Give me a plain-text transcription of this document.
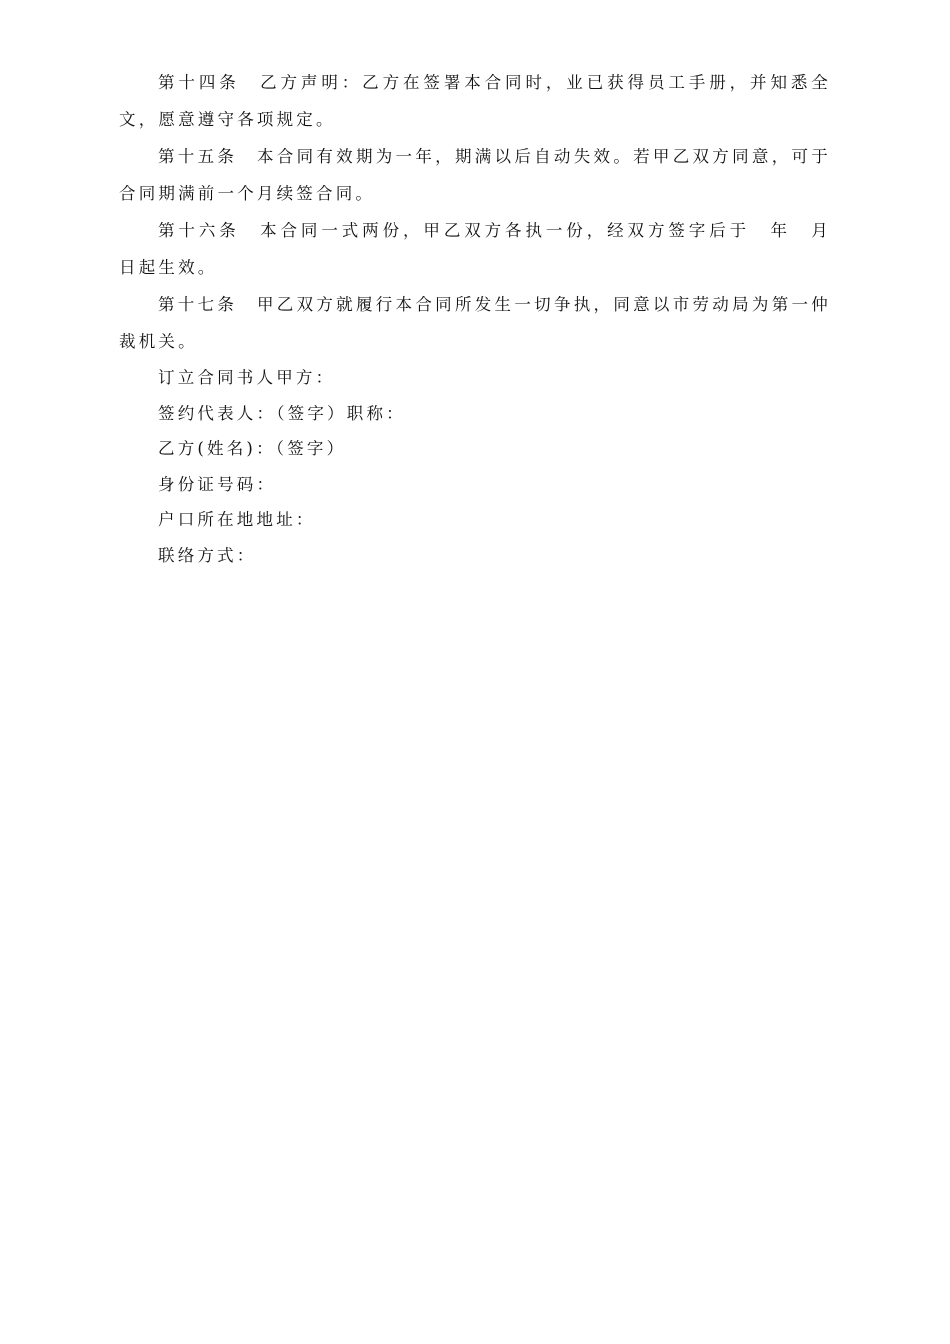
第十四条　乙方声明：乙方在签署本合同时，业已获得员工手册，并知悉全文，愿意遵守各项规定。

第十五条　本合同有效期为一年，期满以后自动失效。若甲乙双方同意，可于合同期满前一个月续签合同。

第十六条　本合同一式两份，甲乙双方各执一份，经双方签字后于　年　月　日起生效。

第十七条　甲乙双方就履行本合同所发生一切争执，同意以市劳动局为第一仲裁机关。

订立合同书人甲方：

签约代表人：（签字）职称：

乙方(姓名)：（签字）

身份证号码：

户口所在地地址：

联络方式：
